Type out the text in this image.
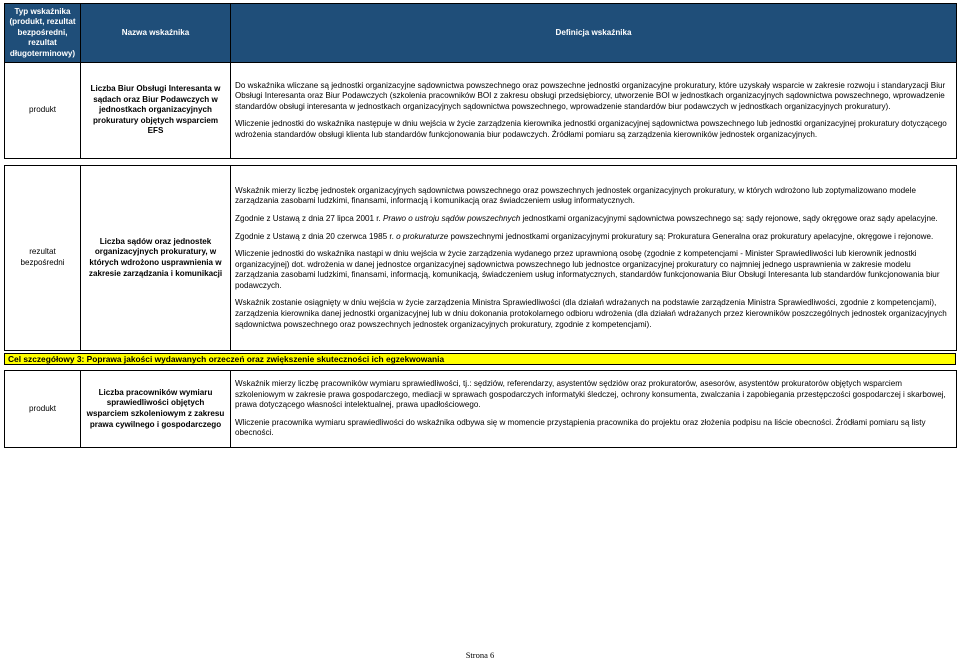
Typ wskaźnika (produkt, rezultat bezpośredni, rezultat długoterminowy)	Nazwa wskaźnika	Definicja wskaźnika
produkt	Liczba Biur Obsługi Interesanta w sądach oraz Biur Podawczych w jednostkach organizacyjnych prokuratury objętych wsparciem EFS	Do wskaźnika wliczane są jednostki organizacyjne sądownictwa powszechnego oraz powszechne jednostki organizacyjne prokuratury, które uzyskały wsparcie w zakresie rozwoju i standaryzacji Biur Obsługi Interesanta oraz Biur Podawczych (szkolenia pracowników BOI z zakresu obsługi przedsiębiorcy, utworzenie BOI w jednostkach organizacyjnych sądownictwa powszechnego, wprowadzenie standardów obsługi interesanta w jednostkach organizacyjnych sądownictwa powszechnego, wprowadzenie standardów biur podawczych w jednostkach organizacyjnych prokuratury).

Wliczenie jednostki do wskaźnika następuje w dniu wejścia w życie zarządzenia kierownika jednostki organizacyjnej sądownictwa powszechnego lub jednostki organizacyjnej prokuratury dotyczącego wdrożenia standardów obsługi klienta lub standardów funkcjonowania biur podawczych. Źródłami pomiaru są zarządzenia kierowników jednostek organizacyjnych.

rezultat bezpośredni	Liczba sądów oraz jednostek organizacyjnych prokuratury, w których wdrożono usprawnienia w zakresie zarządzania i komunikacji	

Wskaźnik mierzy liczbę jednostek organizacyjnych sądownictwa powszechnego oraz powszechnych jednostek organizacyjnych prokuratury, w których wdrożono lub zoptymalizowano modele zarządzania zasobami ludzkimi, finansami, informacją i komunikacją oraz świadczeniem usług informatycznych.

Zgodnie z Ustawą z dnia 27 lipca 2001 r. Prawo o ustroju sądów powszechnych jednostkami organizacyjnymi sądownictwa powszechnego są: sądy rejonowe, sądy okręgowe oraz sądy apelacyjne.

Zgodnie z Ustawą z dnia 20 czerwca 1985 r. o prokuraturze powszechnymi jednostkami organizacyjnymi prokuratury są: Prokuratura Generalna oraz prokuratury apelacyjne, okręgowe i rejonowe.

Wliczenie jednostki do wskaźnika nastąpi w dniu wejścia w życie zarządzenia wydanego przez uprawnioną osobę (zgodnie z kompetencjami - Minister Sprawiedliwości lub kierownik jednostki organizacyjnej) dot. wdrożenia w danej jednostce organizacyjnej sądownictwa powszechnego lub jednostce organizacyjnej prokuratury co najmniej jednego usprawnienia w zakresie modelu zarządzania zasobami ludzkimi, finansami, informacją, komunikacją, świadczeniem usług informatycznych, standardów funkcjonowania Biur Obsługi Interesanta lub standardów funkcjonowania biur podawczych.

Wskaźnik zostanie osiągnięty w dniu wejścia w życie zarządzenia Ministra Sprawiedliwości (dla działań wdrażanych na podstawie zarządzenia Ministra Sprawiedliwości, zgodnie z kompetencjami), zarządzenia kierownika danej jednostki organizacyjnej lub w dniu dokonania protokolarnego odbioru wdrożenia (dla działań wdrażanych przez kierowników poszczególnych jednostek organizacyjnych sądownictwa powszechnego oraz powszechnych jednostek organizacyjnych prokuratury, zgodnie z kompetencjami).

Cel szczegółowy 3: Poprawa jakości wydawanych orzeczeń oraz zwiększenie skuteczności ich egzekwowania
produkt	Liczba pracowników wymiaru sprawiedliwości objętych wsparciem szkoleniowym z zakresu prawa cywilnego i gospodarczego	

Wskaźnik mierzy liczbę pracowników wymiaru sprawiedliwości, tj.: sędziów, referendarzy, asystentów sędziów oraz prokuratorów, asesorów, asystentów prokuratorów objętych wsparciem szkoleniowym w zakresie prawa gospodarczego, mediacji w sprawach gospodarczych informatyki śledczej, ochrony konsumenta, zwalczania i zapobiegania przestępczości gospodarczej i skarbowej, prawa dotyczącego własności intelektualnej, prawa upadłościowego.

Wliczenie pracownika wymiaru sprawiedliwości do wskaźnika odbywa się w momencie przystąpienia pracownika do projektu oraz złożenia podpisu na liście obecności. Źródłami pomiaru są listy obecności.

Strona 6
